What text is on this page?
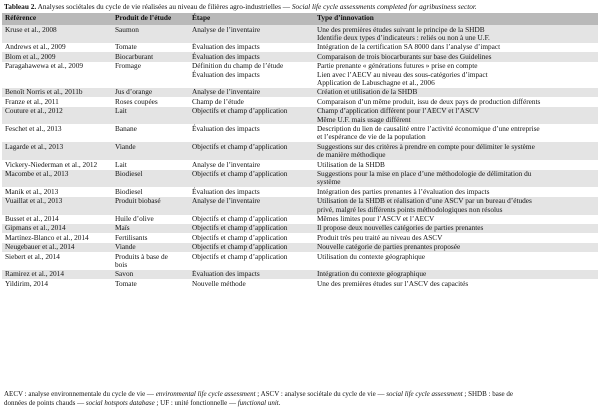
Tableau 2. Analyses sociétales du cycle de vie réalisées au niveau de filières agro-industrielles — Social life cycle assessments completed for agribusiness sector.
Référence	Produit de l’étude	Étape	Type d’innovation

Kruse et al., 2008	Saumon	Analyse de l’inventaire	Une des premières études suivant le principe de la SHDB
Identifie deux types d’indicateurs : reliés ou non à une U.F.

Andrews et al., 2009	Tomate	Évaluation des impacts	Intégration de la certification SA 8000 dans l’analyse d’impact

Blom et al., 2009	Biocarburant	Évaluation des impacts	Comparaison de trois biocarburants sur base des Guidelines

Paragahawewa et al., 2009	Fromage	Définition du champ de l’étude
Évaluation des impacts	Partie prenante « générations futures » prise en compte
Lien avec l’AECV au niveau des sous-catégories d’impact
Application de Labuschagne et al., 2006

Benoît Norris et al., 2011b	Jus d’orange	Analyse de l’inventaire	Création et utilisation de la SHDB

Franze et al., 2011	Roses coupées	Champ de l’étude	Comparaison d’un même produit, issu de deux pays de production différents

Couture et al., 2012	Lait	Objectifs et champ d’application	Champ d’application différent pour l’AECV et l’ASCV
Même U.F. mais usage différent

Feschet et al., 2013	Banane	Évaluation des impacts	Description du lien de causalité entre l’activité économique d’une entreprise
et l’espérance de vie de la population

Lagarde et al., 2013	Viande	Objectifs et champ d’application	Suggestions sur des critères à prendre en compte pour délimiter le système
de manière méthodique

Vickery-Niederman et al., 2012	Lait	Analyse de l’inventaire	Utilisation de la SHDB

Macombe et al., 2013	Biodiesel	Objectifs et champ d’application	Suggestions pour la mise en place d’une méthodologie de délimitation du
système

Manik et al., 2013	Biodiesel	Évaluation des impacts	Intégration des parties prenantes à l’évaluation des impacts

Vuaillat et al., 2013	Produit biobasé	Analyse de l’inventaire	Utilisation de la SHDB et réalisation d’une ASCV par un bureau d’études
privé, malgré les différents points méthodologiques non résolus

Busset et al., 2014	Huile d’olive	Objectifs et champ d’application	Mêmes limites pour l’ASCV et l’AECV

Gipmans et al., 2014	Maïs	Objectifs et champ d’application	Il propose deux nouvelles catégories de parties prenantes

Martínez-Blanco et al., 2014	Fertilisants	Objectifs et champ d’application	Produit très peu traité au niveau des ASCV

Neugebauer et al., 2014	Viande	Objectifs et champ d’application	Nouvelle catégorie de parties prenantes proposée

Siebert et al., 2014	Produits à base de
bois	Objectifs et champ d’application	Utilisation du contexte géographique

Ramirez et al., 2014	Savon	Évaluation des impacts	Intégration du contexte géographique

Yildirim, 2014	Tomate	Nouvelle méthode	Une des premières études sur l’ASCV des capacités
AECV : analyse environnementale du cycle de vie — environmental life cycle assessment ; ASCV : analyse sociétale du cycle de vie — social life cycle assessment ; SHDB : base de
données de points chauds — social hotspots database ; UF : unité fonctionnelle — functional unit.
